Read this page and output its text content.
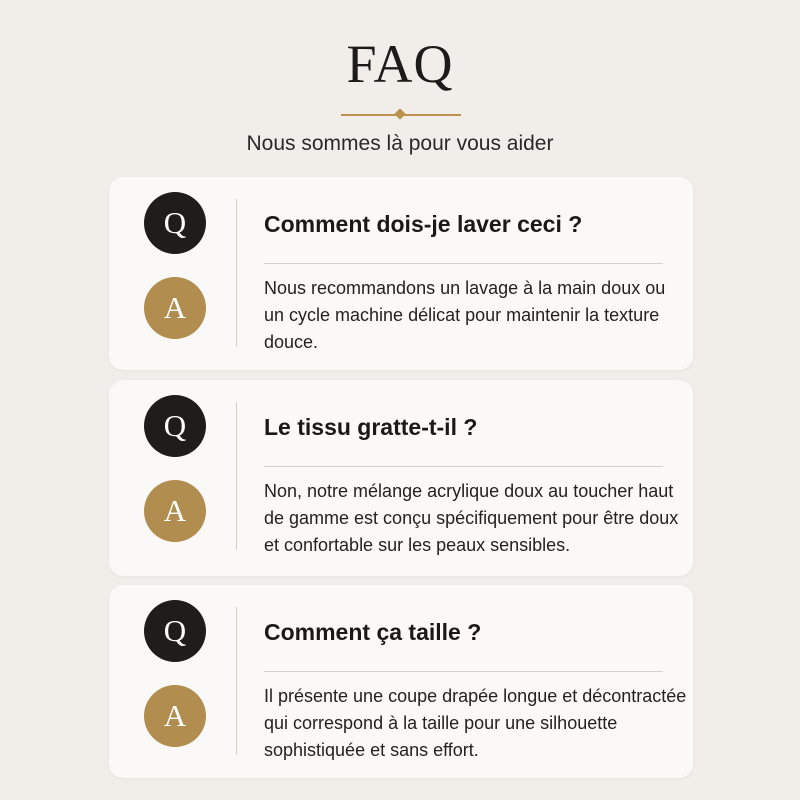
FAQ
Nous sommes là pour vous aider
Q
A
Comment dois-je laver ceci ?
Nous recommandons un lavage à la main doux ou un cycle machine délicat pour maintenir la texture douce.
Q
A
Le tissu gratte-t-il ?
Non, notre mélange acrylique doux au toucher haut de gamme est conçu spécifiquement pour être doux et confortable sur les peaux sensibles.
Q
A
Comment ça taille ?
Il présente une coupe drapée longue et décontractée qui correspond à la taille pour une silhouette sophistiquée et sans effort.
